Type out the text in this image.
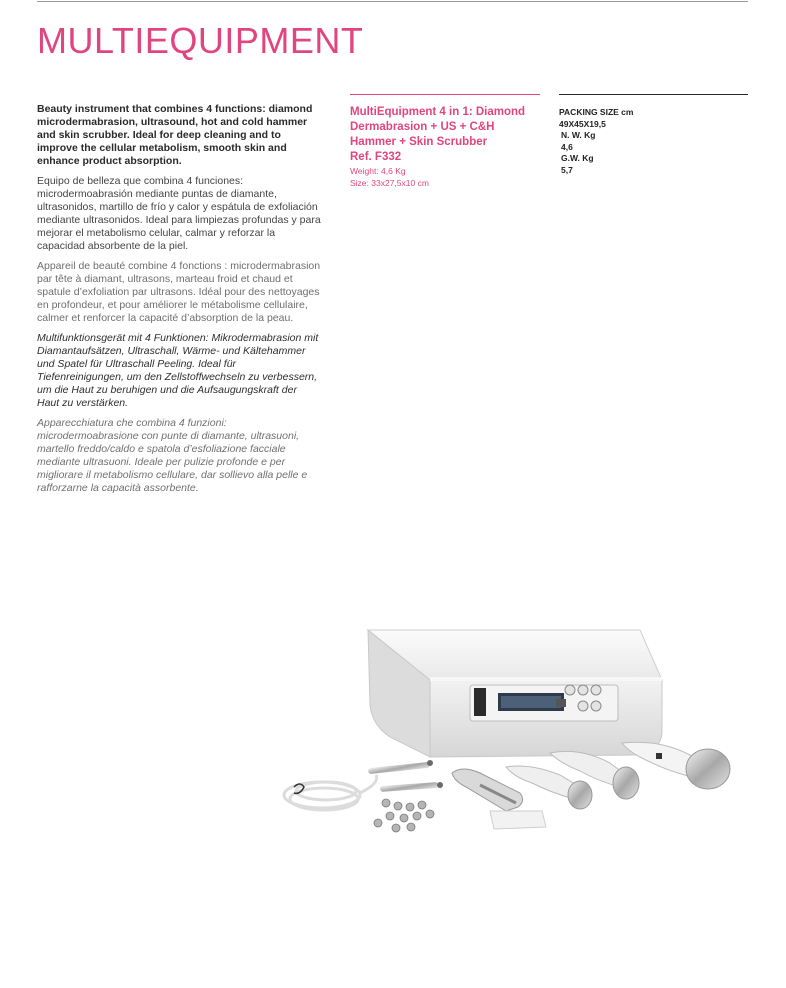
MULTIEQUIPMENT

Beauty instrument that combines 4 functions: diamond microdermabrasion, ultrasound, hot and cold hammer and skin scrubber. Ideal for deep cleaning and to improve the cellular metabolism, smooth skin and enhance product absorption.

Equipo de belleza que combina 4 funciones: microdermoabrasión mediante puntas de diamante, ultrasonidos, martillo de frío y calor y espátula de exfoliación mediante ultrasonidos. Ideal para limpiezas profundas y para mejorar el metabolismo celular, calmar y reforzar la capacidad absorbente de la piel.

Appareil de beauté combine 4 fonctions : microdermabrasion par tête à diamant, ultrasons, marteau froid et chaud et spatule d’exfoliation par ultrasons. Idéal pour des nettoyages en profondeur, et pour améliorer le métabolisme cellulaire, calmer et renforcer la capacité d’absorption de la peau.

Multifunktionsgerät mit 4 Funktionen: Mikrodermabrasion mit Diamantaufsätzen, Ultraschall, Wärme- und Kältehammer und Spatel für Ultraschall Peeling. Ideal für Tiefenreinigungen, um den Zellstoffwechseln zu verbessern, um die Haut zu beruhigen und die Aufsaugungskraft der Haut zu verstärken.

Apparecchiatura che combina 4 funzioni: microdermoabrasione con punte di diamante, ultrasuoni, martello freddo/caldo e spatola d’esfoliazione facciale mediante ultrasuoni. Ideale per pulizie profonde e per migliorare il metabolismo cellulare, dar sollievo alla pelle e rafforzarne la capacità assorbente.

MultiEquipment 4 in 1: Diamond Dermabrasion + US + C&H Hammer + Skin Scrubber

Ref. F332

Weight: 4,6 Kg

Size: 33x27,5x10 cm

PACKING SIZE cm
49X45X19,5
N. W. Kg
4,6
G.W. Kg
5,7
